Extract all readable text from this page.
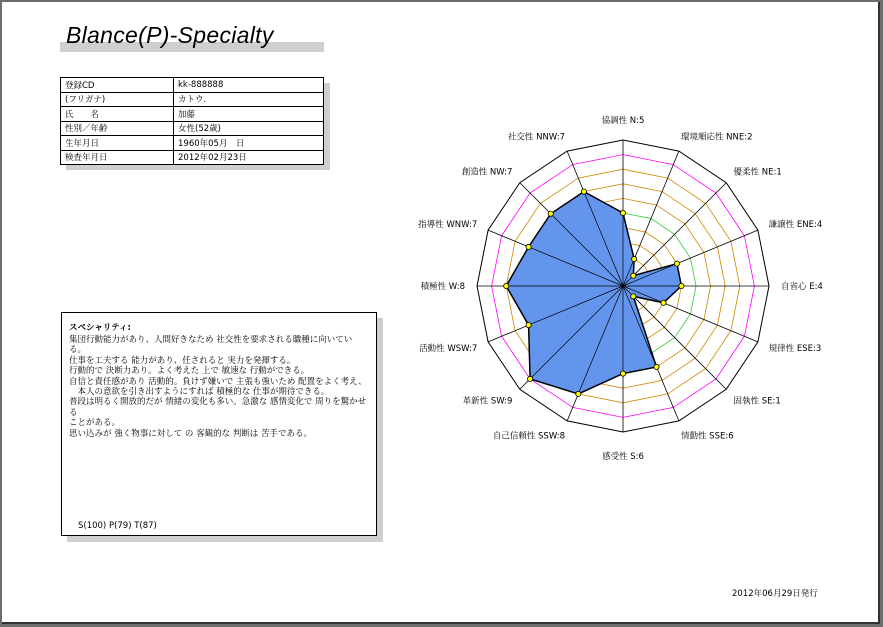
Blance(P)-Specialty
登録CD	kk-888888
(フリガナ)	カトウ.
氏　　名	加藤
性別／年齢	女性(52歳)
生年月日	1960年05月　日
検査年月日	2012年02月23日
スペシャリティ:
集団行動能力があり、人間好きなため 社交性を要求される職種に向いている。
仕事を工夫する 能力があり、任されると 実力を発揮する。
行動的で 決断力あり。よく考えた 上で 敏速な 行動ができる。
自信と責任感があり 活動的。負けず嫌いで 主張も強いため 配置をよく考え、
　本人の意欲を引き出すようにすれば 積極的な 仕事が期待できる。
普段は明るく開放的だが 情緒の変化も多い。急激な 感情変化で 周りを驚かせる
ことがある。
思い込みが 強く物事に対して の 客観的な 判断は 苦手である。
S(100) P(79) T(87)
協調性 N:5
環境順応性 NNE:2
優柔性 NE:1
謙譲性 ENE:4
自省心 E:4
規律性 ESE:3
固執性 SE:1
情動性 SSE:6
感受性 S:6
自己信頼性 SSW:8
革新性 SW:9
活動性 WSW:7
積極性 W:8
指導性 WNW:7
創造性 NW:7
社交性 NNW:7
2012年06月29日発行
